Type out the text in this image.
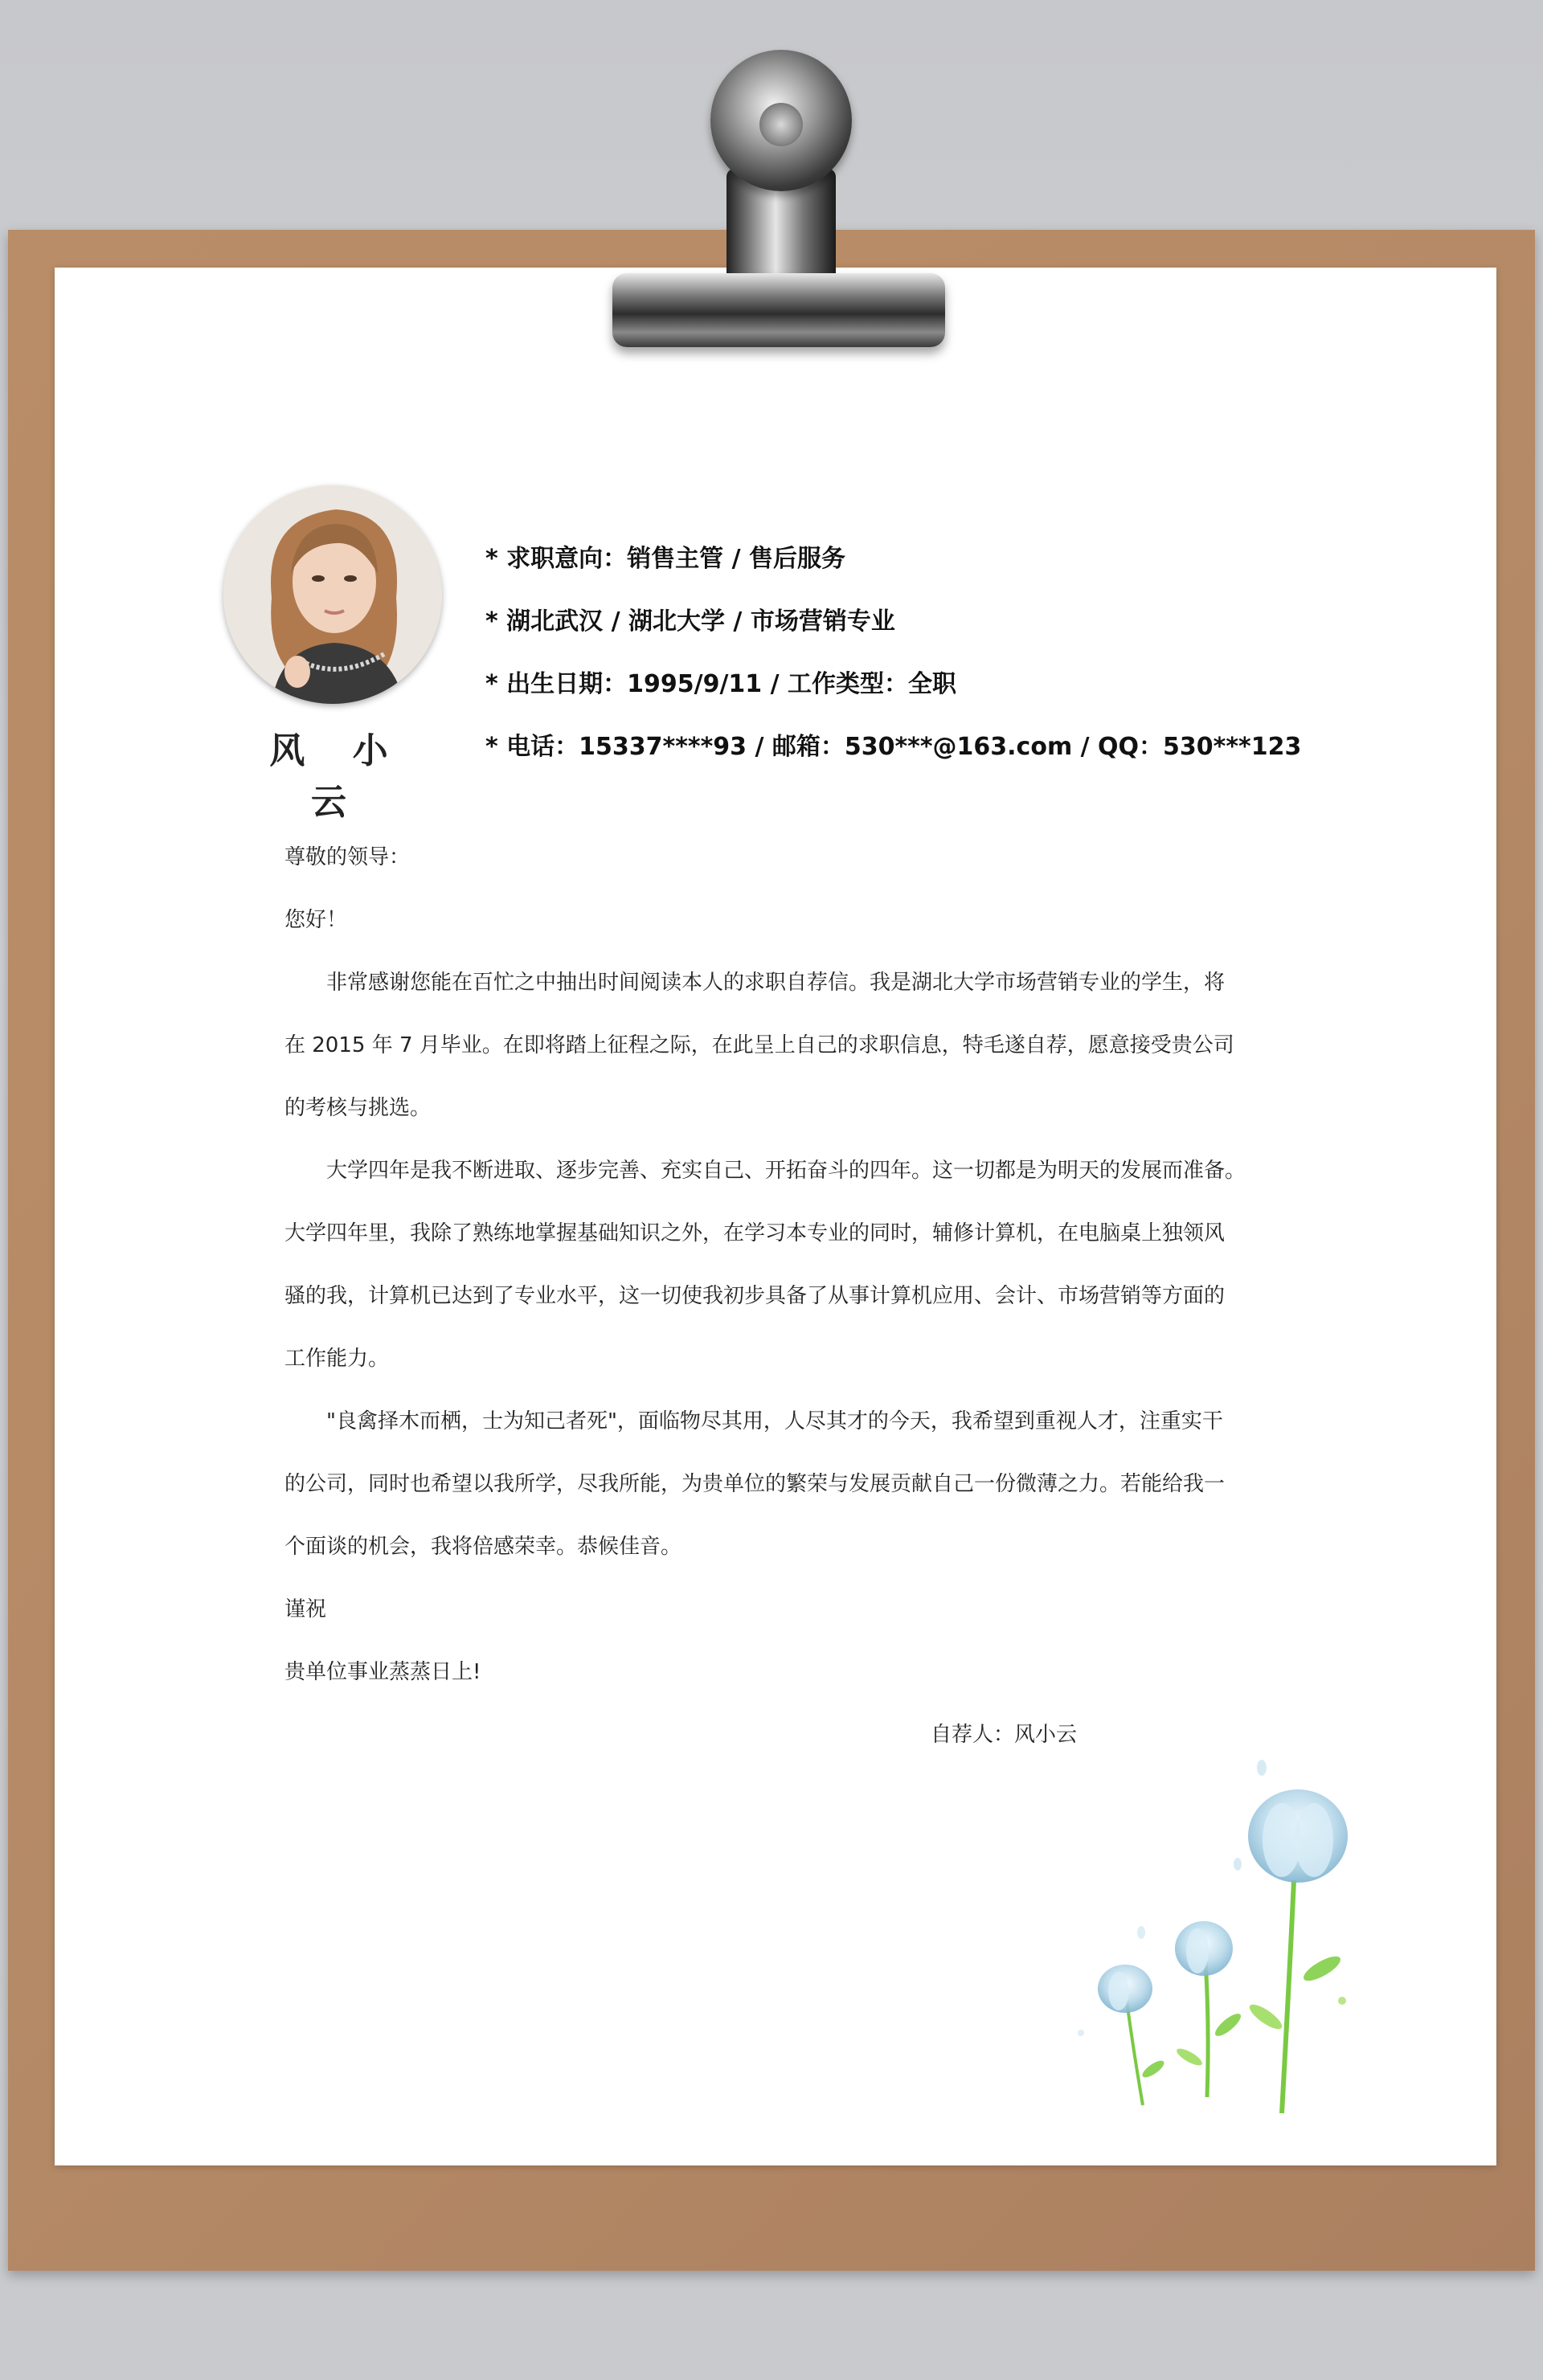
风 小 云
* 求职意向：销售主管 / 售后服务
* 湖北武汉 / 湖北大学 / 市场营销专业
* 出生日期：1995/9/11 / 工作类型：全职
* 电话：15337****93 / 邮箱：530***@163.com / QQ：530***123
尊敬的领导：
您好！
非常感谢您能在百忙之中抽出时间阅读本人的求职自荐信。我是湖北大学市场营销专业的学生，将
在 2015 年 7 月毕业。在即将踏上征程之际，在此呈上自己的求职信息，特毛遂自荐，愿意接受贵公司
的考核与挑选。
大学四年是我不断进取、逐步完善、充实自己、开拓奋斗的四年。这一切都是为明天的发展而准备。
大学四年里，我除了熟练地掌握基础知识之外，在学习本专业的同时，辅修计算机，在电脑桌上独领风
骚的我，计算机已达到了专业水平，这一切使我初步具备了从事计算机应用、会计、市场营销等方面的
工作能力。
"良禽择木而栖，士为知己者死"，面临物尽其用，人尽其才的今天，我希望到重视人才，注重实干
的公司，同时也希望以我所学，尽我所能，为贵单位的繁荣与发展贡献自己一份微薄之力。若能给我一
个面谈的机会，我将倍感荣幸。恭候佳音。
谨祝
贵单位事业蒸蒸日上!
自荐人：风小云
